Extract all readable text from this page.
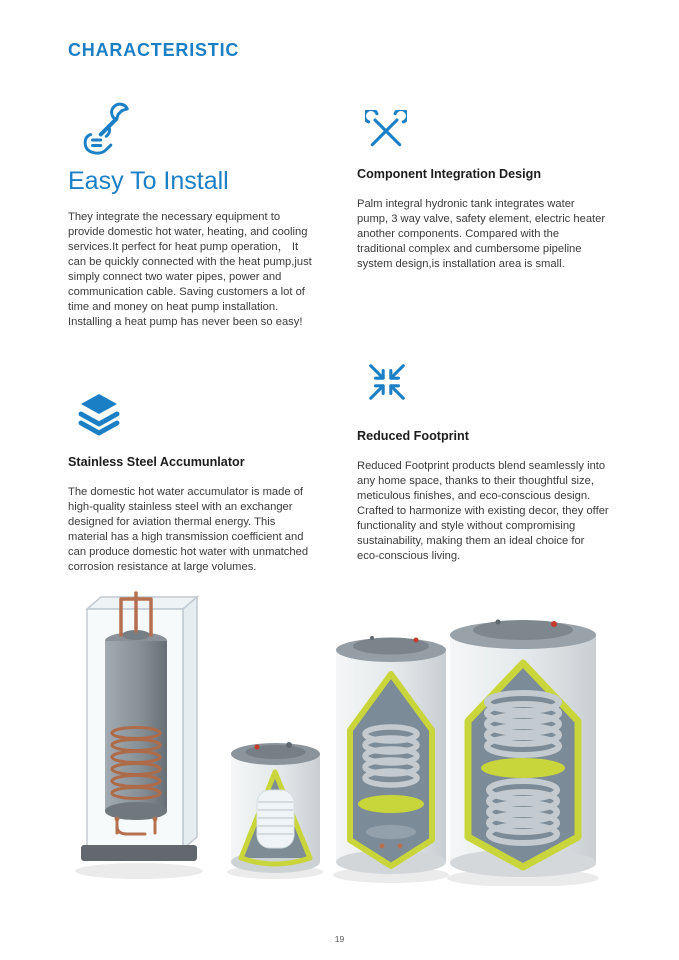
CHARACTERISTIC
Easy To Install

They integrate the necessary equipment to provide domestic hot water, heating, and cooling services.It perfect for heat pump operation， It can be quickly connected with the heat pump,just simply connect two water pipes, power and communication cable. Saving customers a lot of time and money on heat pump installation. Installing a heat pump has never been so easy!

Component Integration Design

Palm integral hydronic tank integrates water pump, 3 way valve, safety element, electric heater another components. Compared with the traditional complex and cumbersome pipeline system design,is installation area is small.

Stainless Steel Accumunlator

The domestic hot water accumulator is made of high-quality stainless steel with an exchanger designed for aviation thermal energy. This material has a high transmission coefficient and can produce domestic hot water with unmatched corrosion resistance at large volumes.

Reduced Footprint

Reduced Footprint products blend seamlessly into any home space, thanks to their thoughtful size, meticulous finishes, and eco-conscious design. Crafted to harmonize with existing decor, they offer functionality and style without compromising sustainability, making them an ideal choice for eco-conscious living.

19
